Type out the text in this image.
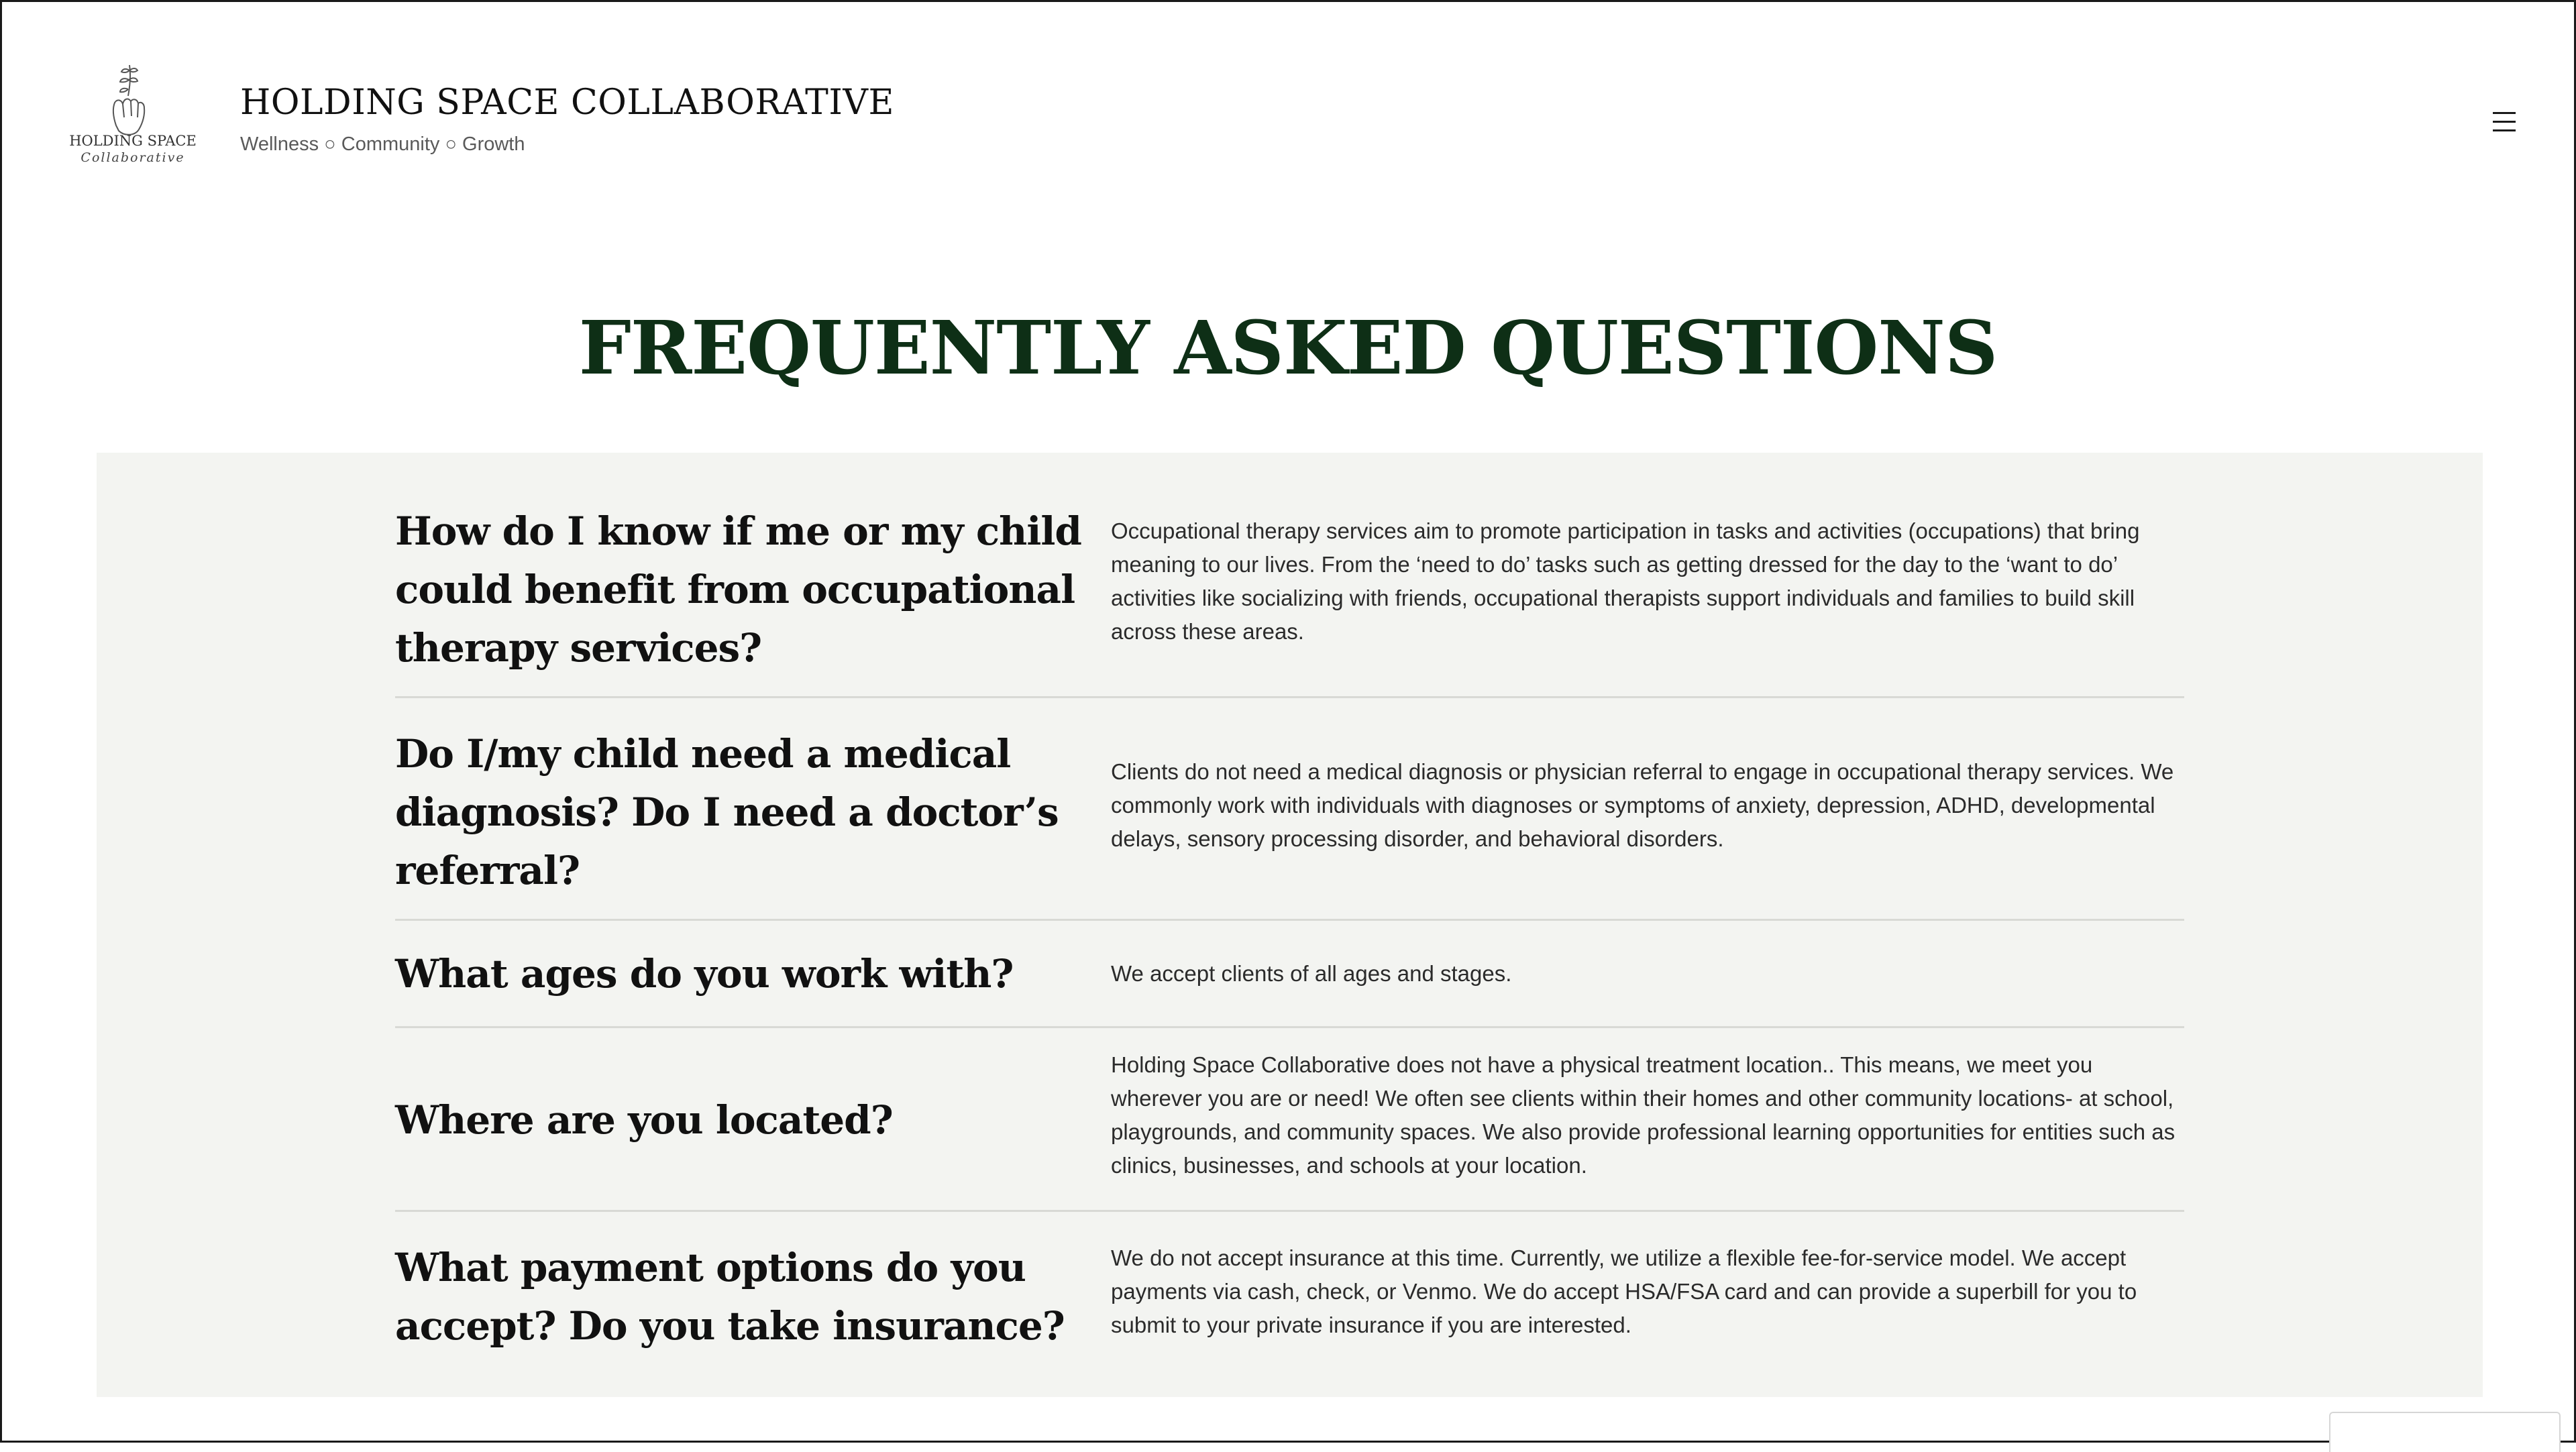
HOLDING SPACE
Collaborative
HOLDING SPACE COLLABORATIVE
Wellness ○ Community ○ Growth
FREQUENTLY ASKED QUESTIONS
How do I know if me or my child could benefit from occupational therapy services?
Occupational therapy services aim to promote participation in tasks and activities (occupations) that bring meaning to our lives. From the ‘need to do’ tasks such as getting dressed for the day to the ‘want to do’ activities like socializing with friends, occupational therapists support individuals and families to build skill across these areas.
Do I/my child need a medical diagnosis? Do I need a doctor’s referral?
Clients do not need a medical diagnosis or physician referral to engage in occupational therapy services. We commonly work with individuals with diagnoses or symptoms of anxiety, depression, ADHD, developmental delays, sensory processing disorder, and behavioral disorders.
What ages do you work with?	We accept clients of all ages and stages.
Where are you located?
Holding Space Collaborative does not have a physical treatment location.. This means, we meet you wherever you are or need! We often see clients within their homes and other community locations- at school, playgrounds, and community spaces. We also provide professional learning opportunities for entities such as clinics, businesses, and schools at your location.
What payment options do you accept? Do you take insurance?
We do not accept insurance at this time. Currently, we utilize a flexible fee-for-service model. We accept payments via cash, check, or Venmo. We do accept HSA/FSA card and can provide a superbill for you to submit to your private insurance if you are interested.
